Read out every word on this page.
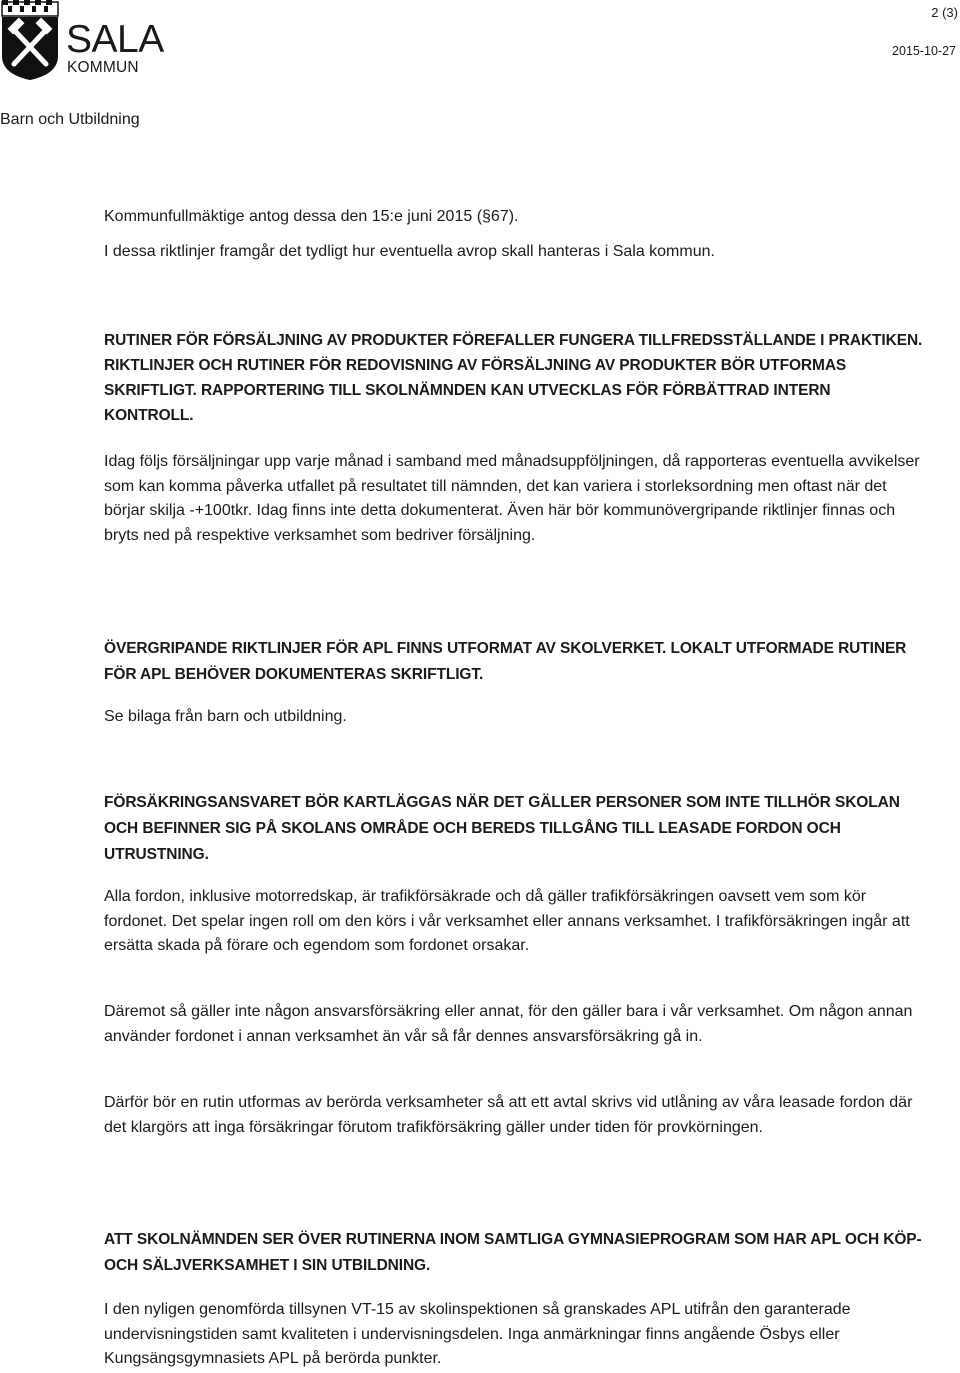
SALA
KOMMUN
2 (3)
2015-10-27
Barn och Utbildning
Kommunfullmäktige antog dessa den 15:e juni 2015 (§67).
I dessa riktlinjer framgår det tydligt hur eventuella avrop skall hanteras i Sala kommun.
RUTINER FÖR FÖRSÄLJNING AV PRODUKTER FÖREFALLER FUNGERA TILLFREDSSTÄLLANDE I PRAKTIKEN. RIKTLINJER OCH RUTINER FÖR REDOVISNING AV FÖRSÄLJNING AV PRODUKTER BÖR UTFORMAS SKRIFTLIGT. RAPPORTERING TILL SKOLNÄMNDEN KAN UTVECKLAS FÖR FÖRBÄTTRAD INTERN KONTROLL.
Idag följs försäljningar upp varje månad i samband med månadsuppföljningen, då rapporteras eventuella avvikelser som kan komma påverka utfallet på resultatet till nämnden, det kan variera i storleksordning men oftast när det börjar skilja -+100tkr. Idag finns inte detta dokumenterat. Även här bör kommunövergripande riktlinjer finnas och bryts ned på respektive verksamhet som bedriver försäljning.
ÖVERGRIPANDE RIKTLINJER FÖR APL FINNS UTFORMAT AV SKOLVERKET. LOKALT UTFORMADE RUTINER FÖR APL BEHÖVER DOKUMENTERAS SKRIFTLIGT.
Se bilaga från barn och utbildning.
FÖRSÄKRINGSANSVARET BÖR KARTLÄGGAS NÄR DET GÄLLER PERSONER SOM INTE TILLHÖR SKOLAN OCH BEFINNER SIG PÅ SKOLANS OMRÅDE OCH BEREDS TILLGÅNG TILL LEASADE FORDON OCH UTRUSTNING.
Alla fordon, inklusive motorredskap, är trafikförsäkrade och då gäller trafikförsäkringen oavsett vem som kör fordonet. Det spelar ingen roll om den körs i vår verksamhet eller annans verksamhet. I trafikförsäkringen ingår att ersätta skada på förare och egendom som fordonet orsakar.
Däremot så gäller inte någon ansvarsförsäkring eller annat, för den gäller bara i vår verksamhet. Om någon annan använder fordonet i annan verksamhet än vår så får dennes ansvarsförsäkring gå in.
Därför bör en rutin utformas av berörda verksamheter så att ett avtal skrivs vid utlåning av våra leasade fordon där det klargörs att inga försäkringar förutom trafikförsäkring gäller under tiden för provkörningen.
ATT SKOLNÄMNDEN SER ÖVER RUTINERNA INOM SAMTLIGA GYMNASIEPROGRAM SOM HAR APL OCH KÖP- OCH SÄLJVERKSAMHET I SIN UTBILDNING.
I den nyligen genomförda tillsynen VT-15 av skolinspektionen så granskades APL utifrån den garanterade undervisningstiden samt kvaliteten i undervisningsdelen. Inga anmärkningar finns angående Ösbys eller Kungsängsgymnasiets APL på berörda punkter.
